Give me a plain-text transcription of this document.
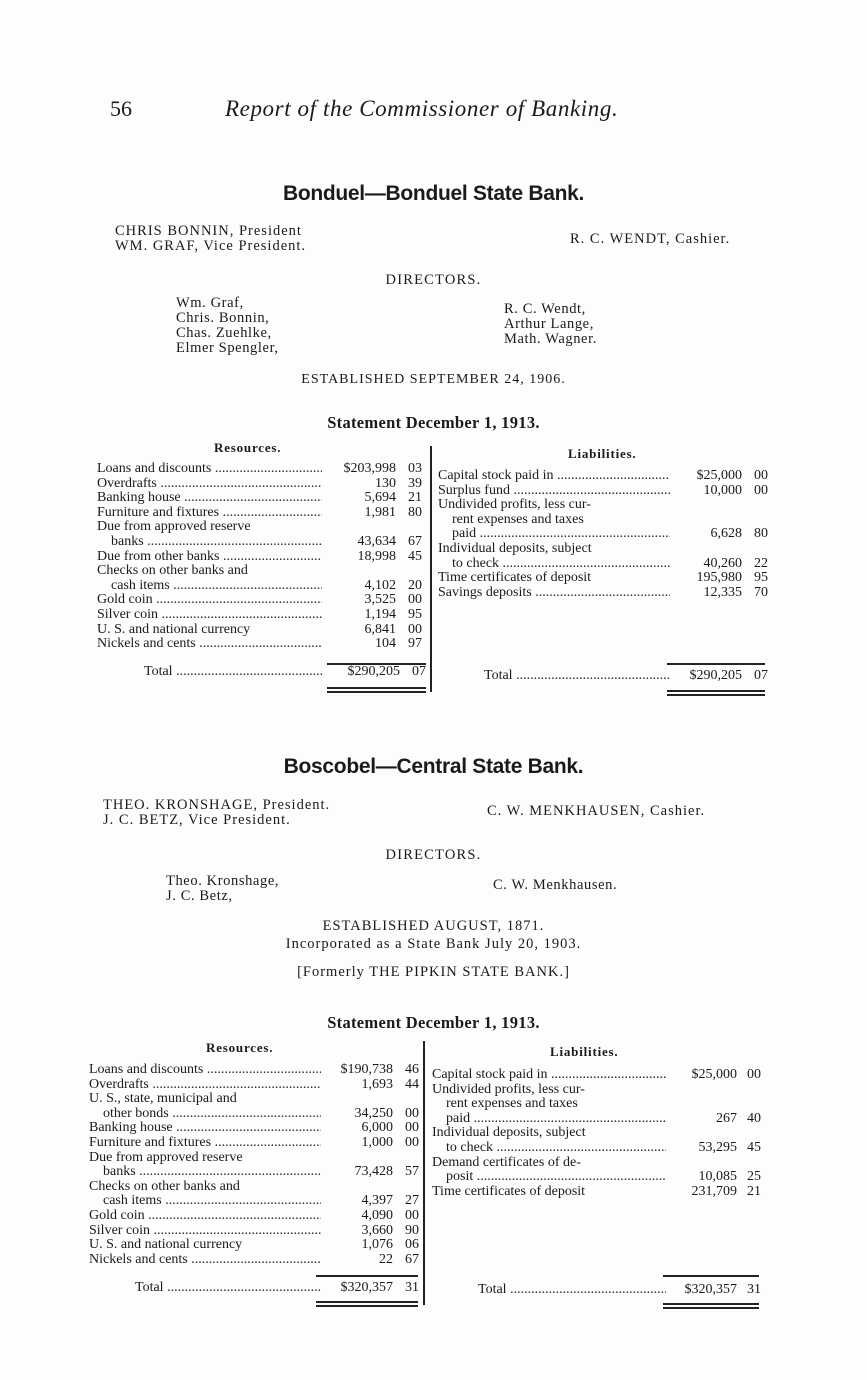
56	Report of the Commissioner of Banking.
Bonduel—Bonduel State Bank.
CHRIS BONNIN, President
WM. GRAF, Vice President.	R. C. WENDT, Cashier.
DIRECTORS.
Wm. Graf,
Chris. Bonnin,
Chas. Zuehlke,
Elmer Spengler,
R. C. Wendt,
Arthur Lange,
Math. Wagner.
ESTABLISHED SEPTEMBER 24, 1906.
Statement December 1, 1913.
Resources.	Liabilities.
Loans and discounts .....	$203,998 03
Overdrafts .....	130 39
Banking house .....	5,694 21
Furniture and fixtures .....	1,981 80
Due from approved reserve
banks .....	43,634 67
Due from other banks .....	18,998 45
Checks on other banks and
cash items .....	4,102 20
Gold coin .....	3,525 00
Silver coin .....	1,194 95
U. S. and national currency	6,841 00
Nickels and cents .....	104 97
Capital stock paid in .....	$25,000 00
Surplus fund .....	10,000 00
Undivided profits, less cur-
rent expenses and taxes
paid .....	6,628 80
Individual deposits, subject
to check .....	40,260 22
Time certificates of deposit	195,980 95
Savings deposits .....	12,335 70
Total .....	$290,205 07	Total .....	$290,205 07
Boscobel—Central State Bank.
THEO. KRONSHAGE, President.
J. C. BETZ, Vice President.
C. W. MENKHAUSEN, Cashier.
DIRECTORS.
Theo. Kronshage,
J. C. Betz,
C. W. Menkhausen.
ESTABLISHED AUGUST, 1871.
Incorporated as a State Bank July 20, 1903.
[Formerly THE PIPKIN STATE BANK.]
Statement December 1, 1913.
Resources.	Liabilities.
Loans and discounts .....	$190,738 46
Overdrafts .....	1,693 44
U. S., state, municipal and
other bonds .....	34,250 00
Banking house .....	6,000 00
Furniture and fixtures .....	1,000 00
Due from approved reserve
banks .....	73,428 57
Checks on other banks and
cash items .....	4,397 27
Gold coin .....	4,090 00
Silver coin .....	3,660 90
U. S. and national currency	1,076 06
Nickels and cents .....	22 67
Capital stock paid in .....	$25,000 00
Undivided profits, less cur-
rent expenses and taxes
paid .....	267 40
Individual deposits, subject
to check .....	53,295 45
Demand certificates of de-
posit .....	10,085 25
Time certificates of deposit	231,709 21
Total .....	$320,357 31	Total .....	$320,357 31
